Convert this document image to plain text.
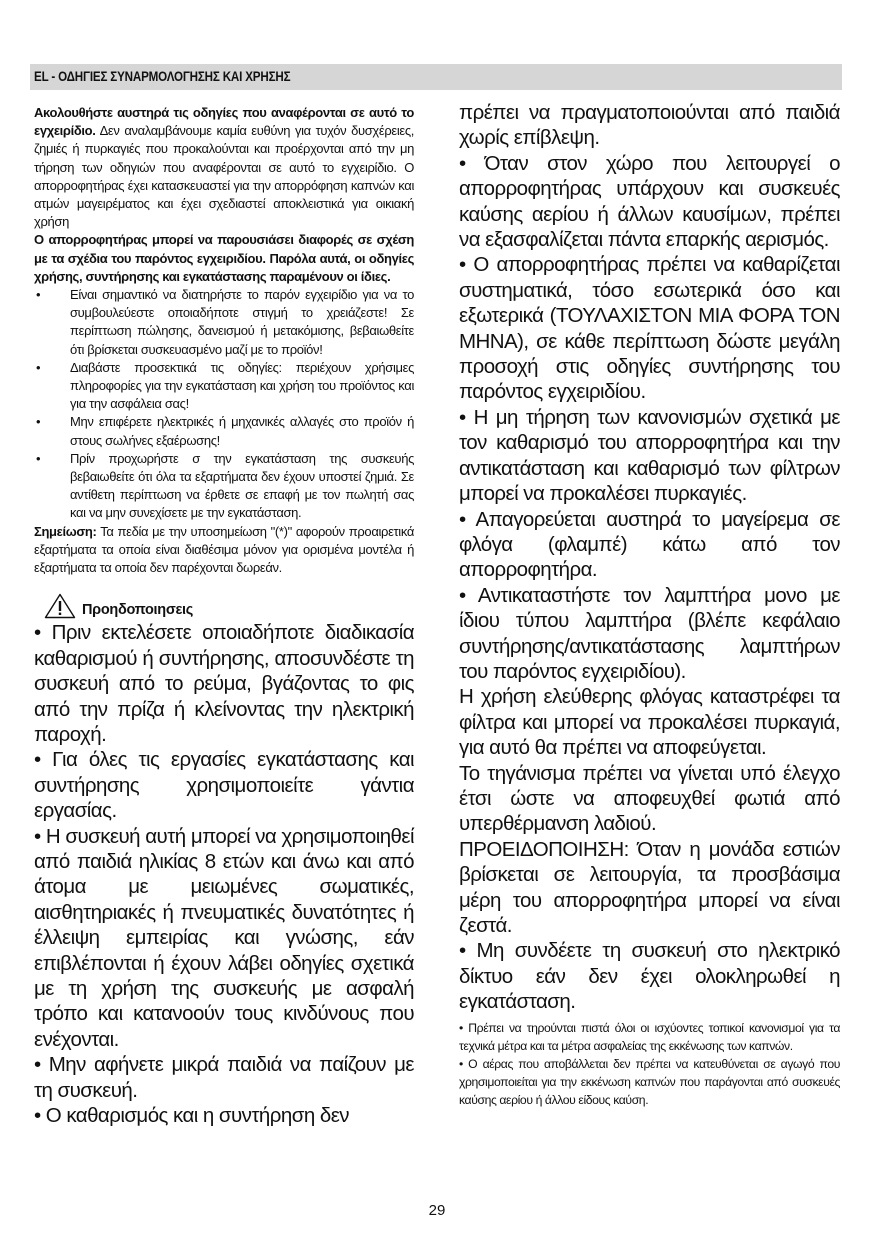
EL - ΟΔΗΓΙΕΣ ΣΥΝΑΡΜΟΛΟΓΗΣΗΣ ΚΑΙ ΧΡΗΣΗΣ

Ακολουθήστε αυστηρά τις οδηγίες που αναφέρονται σε αυτό το εγχειρίδιο. Δεν αναλαμβάνουμε καμία ευθύνη για τυχόν δυσχέρειες, ζημιές ή πυρκαγιές που προκαλούνται και προέρχονται από την μη τήρηση των οδηγιών που αναφέρονται σε αυτό το εγχειρίδιο. Ο απορροφητήρας έχει κατασκευαστεί για την απορρόφηση καπνών και ατμών μαγειρέματος και έχει σχεδιαστεί αποκλειστικά για οικιακή χρήση

Ο απορροφητήρας μπορεί να παρουσιάσει διαφορές σε σχέση με τα σχέδια του παρόντος εγχειριδίου. Παρόλα αυτά, οι οδηγίες χρήσης, συντήρησης και εγκατάστασης παραμένουν οι ίδιες.

• Είναι σημαντικό να διατηρήστε το παρόν εγχειρίδιο για να το συμβουλεύεστε οποιαδήποτε στιγμή το χρειάζεστε! Σε περίπτωση πώλησης, δανεισμού ή μετακόμισης, βεβαιωθείτε ότι βρίσκεται συσκευασμένο μαζί με το προϊόν!
• Διαβάστε προσεκτικά τις οδηγίες: περιέχουν χρήσιμες πληροφορίες για την εγκατάσταση και χρήση του προϊόντος και για την ασφάλεια σας!
• Μην επιφέρετε ηλεκτρικές ή μηχανικές αλλαγές στο προϊόν ή στους σωλήνες εξαέρωσης!
• Πρίν προχωρήστε σ την εγκατάσταση της συσκευής βεβαιωθείτε ότι όλα τα εξαρτήματα δεν έχουν υποστεί ζημιά. Σε αντίθετη περίπτωση να έρθετε σε επαφή με τον πωλητή σας και να μην συνεχίσετε με την εγκατάσταση.

Σημείωση: Τα πεδία με την υποσημείωση "(*)" αφορούν προαιρετικά εξαρτήματα τα οποία είναι διαθέσιμα μόνον για ορισμένα μοντέλα ή εξαρτήματα τα οποία δεν παρέχονται δωρεάν.

Προηδοποιησεις

• Πριν εκτελέσετε οποιαδήποτε διαδικασία καθαρισμού ή συντήρησης, αποσυνδέστε τη συσκευή από το ρεύμα, βγάζοντας το φις από την πρίζα ή κλείνοντας την ηλεκτρική παροχή.

• Για όλες τις εργασίες εγκατάστασης και συντήρησης χρησιμοποιείτε γάντια εργασίας.

• Η συσκευή αυτή μπορεί να χρησιμοποιηθεί από παιδιά ηλικίας 8 ετών και άνω και από άτομα με μειωμένες σωματικές, αισθητηριακές ή πνευματικές δυνατότητες ή έλλειψη εμπειρίας και γνώσης, εάν επιβλέπονται ή έχουν λάβει οδηγίες σχετικά με τη χρήση της συσκευής με ασφαλή τρόπο και κατανοούν τους κινδύνους που ενέχονται.

• Μην αφήνετε μικρά παιδιά να παίζουν με τη συσκευή.

• Ο καθαρισμός και η συντήρηση δεν

πρέπει να πραγματοποιούνται από παιδιά χωρίς επίβλεψη.

• Όταν στον χώρο που λειτουργεί ο απορροφητήρας υπάρχουν και συσκευές καύσης αερίου ή άλλων καυσίμων, πρέπει να εξασφαλίζεται πάντα επαρκής αερισμός.

• Ο απορροφητήρας πρέπει να καθαρίζεται συστηματικά, τόσο εσωτερικά όσο και εξωτερικά (ΤΟΥΛΑΧΙΣΤΟΝ ΜΙΑ ΦΟΡΑ ΤΟΝ ΜΗΝΑ), σε κάθε περίπτωση δώστε μεγάλη προσοχή στις οδηγίες συντήρησης του παρόντος εγχειριδίου.

• Η μη τήρηση των κανονισμών σχετικά με τον καθαρισμό του απορροφητήρα και την αντικατάσταση και καθαρισμό των φίλτρων μπορεί να προκαλέσει πυρκαγιές.

• Απαγορεύεται αυστηρά το μαγείρεμα σε φλόγα (φλαμπέ) κάτω από τον απορροφητήρα.

• Αντικαταστήστε τον λαμπτήρα μονο με ίδιου τύπου λαμπτήρα (βλέπε κεφάλαιο συντήρησης/αντικατάστασης λαμπτήρων του παρόντος εγχειριδίου).

Η χρήση ελεύθερης φλόγας καταστρέφει τα φίλτρα και μπορεί να προκαλέσει πυρκαγιά, για αυτό θα πρέπει να αποφεύγεται.

Το τηγάνισμα πρέπει να γίνεται υπό έλεγχο έτσι ώστε να αποφευχθεί φωτιά από υπερθέρμανση λαδιού.

ΠΡΟΕΙΔΟΠΟΙΗΣΗ: Όταν η μονάδα εστιών βρίσκεται σε λειτουργία, τα προσβάσιμα μέρη του απορροφητήρα μπορεί να είναι ζεστά.

• Μη συνδέετε τη συσκευή στο ηλεκτρικό δίκτυο εάν δεν έχει ολοκληρωθεί η εγκατάσταση.

• Πρέπει να τηρούνται πιστά όλοι οι ισχύοντες τοπικοί κανονισμοί για τα τεχνικά μέτρα και τα μέτρα ασφαλείας της εκκένωσης των καπνών.

• Ο αέρας που αποβάλλεται δεν πρέπει να κατευθύνεται σε αγωγό που χρησιμοποιείται για την εκκένωση καπνών που παράγονται από συσκευές καύσης αερίου ή άλλου είδους καύση.

29
